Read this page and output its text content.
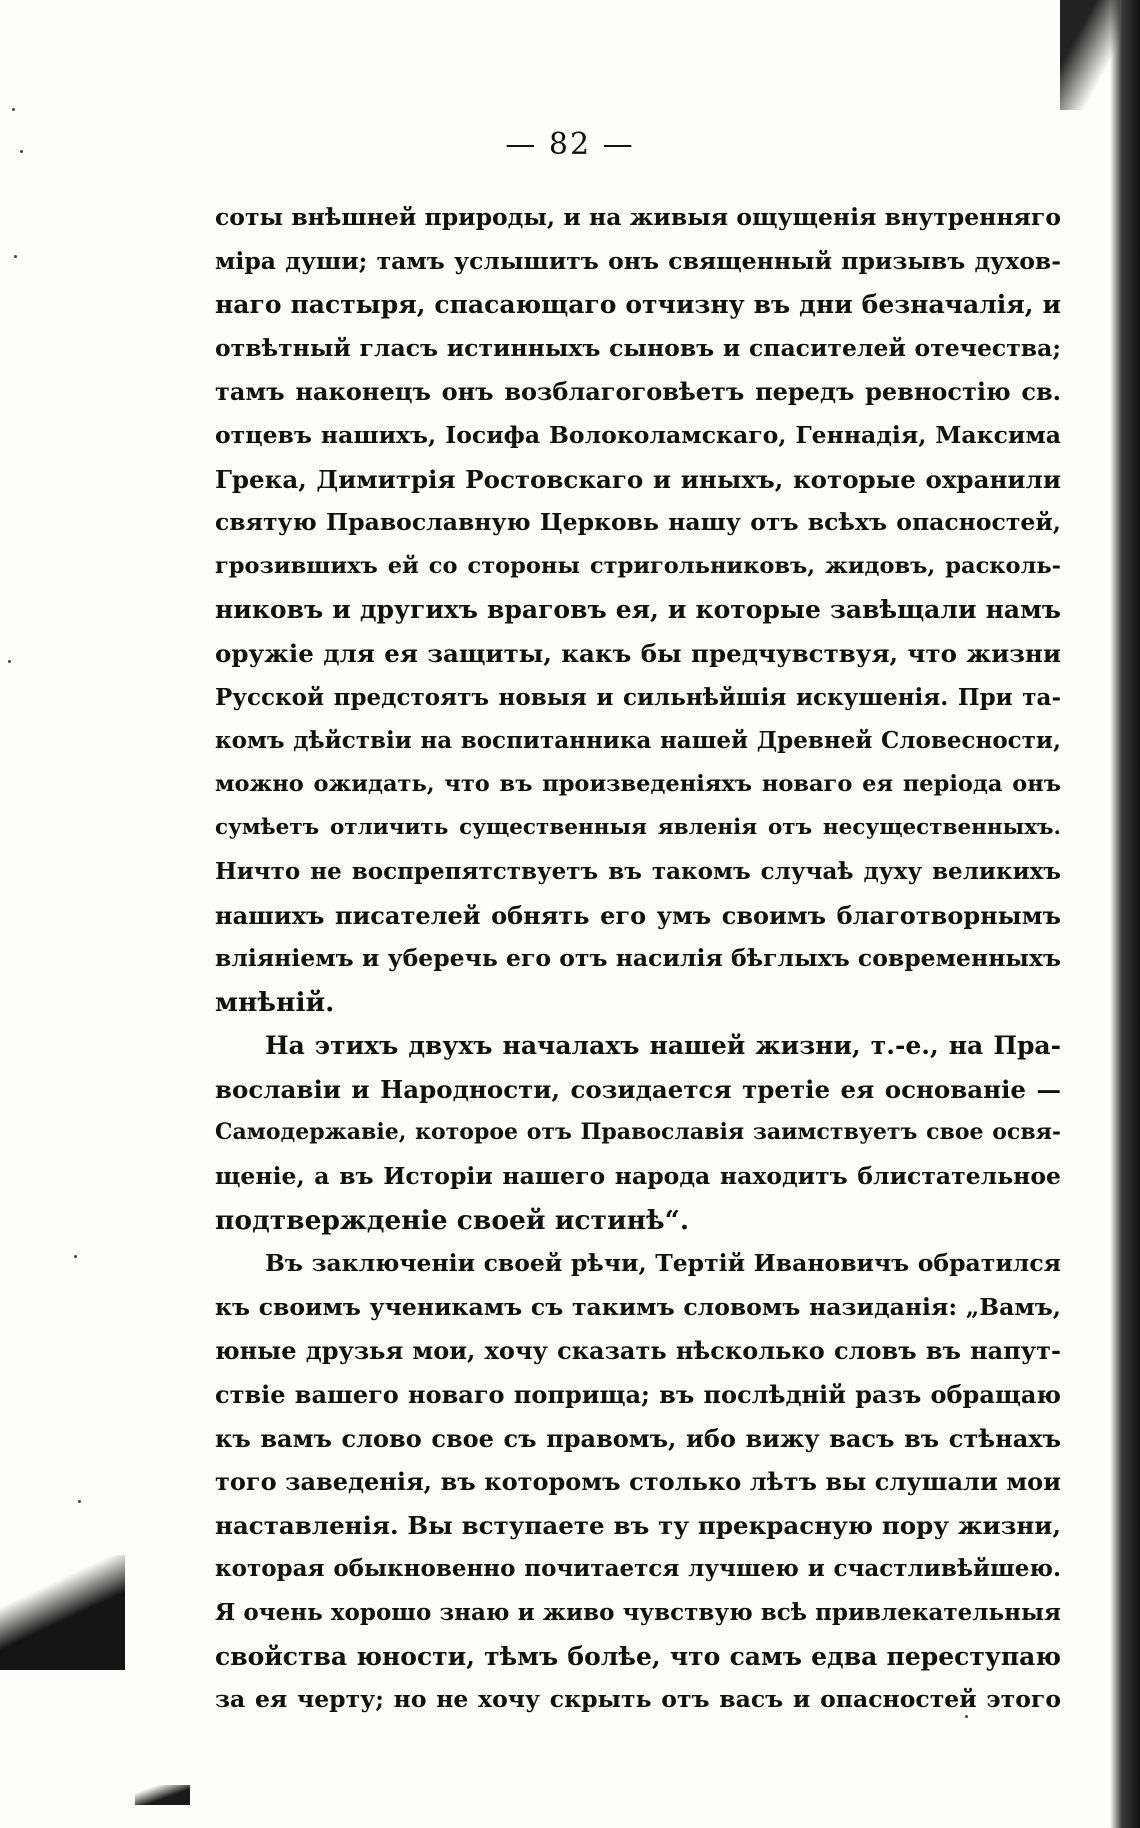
— 82 —
соты внѣшней природы, и на живыя ощущенія внутренняго
міра души; тамъ услышитъ онъ священный призывъ духов-
наго пастыря, спасающаго отчизну въ дни безначалія, и
отвѣтный гласъ истинныхъ сыновъ и спасителей отечества;
тамъ наконецъ онъ возблагоговѣетъ передъ ревностію св.
отцевъ нашихъ, Іосифа Волоколамскаго, Геннадія, Максима
Грека, Димитрія Ростовскаго и иныхъ, которые охранили
святую Православную Церковь нашу отъ всѣхъ опасностей,
грозившихъ ей со стороны стригольниковъ, жидовъ, расколь-
никовъ и другихъ враговъ ея, и которые завѣщали намъ
оружіе для ея защиты, какъ бы предчувствуя, что жизни
Русской предстоятъ новыя и сильнѣйшія искушенія. При та-
комъ дѣйствіи на воспитанника нашей Древней Словесности,
можно ожидать, что въ произведеніяхъ новаго ея періода онъ
сумѣетъ отличить существенныя явленія отъ несущественныхъ.
Ничто не воспрепятствуетъ въ такомъ случаѣ духу великихъ
нашихъ писателей обнять его умъ своимъ благотворнымъ
вліяніемъ и уберечь его отъ насилія бѣглыхъ современныхъ
мнѣній.
На этихъ двухъ началахъ нашей жизни, т.-е., на Пра-
вославіи и Народности, созидается третіе ея основаніе —
Самодержавіе, которое отъ Православія заимствуетъ свое освя-
щеніе, а въ Исторіи нашего народа находитъ блистательное
подтвержденіе своей истинѣ“.
Въ заключеніи своей рѣчи, Тертій Ивановичъ обратился
къ своимъ ученикамъ съ такимъ словомъ назиданія: „Вамъ,
юные друзья мои, хочу сказать нѣсколько словъ въ напут-
ствіе вашего новаго поприща; въ послѣдній разъ обращаю
къ вамъ слово свое съ правомъ, ибо вижу васъ въ стѣнахъ
того заведенія, въ которомъ столько лѣтъ вы слушали мои
наставленія. Вы вступаете въ ту прекрасную пору жизни,
которая обыкновенно почитается лучшею и счастливѣйшею.
Я очень хорошо знаю и живо чувствую всѣ привлекательныя
свойства юности, тѣмъ болѣе, что самъ едва переступаю
за ея черту; но не хочу скрыть отъ васъ и опасностей этого
